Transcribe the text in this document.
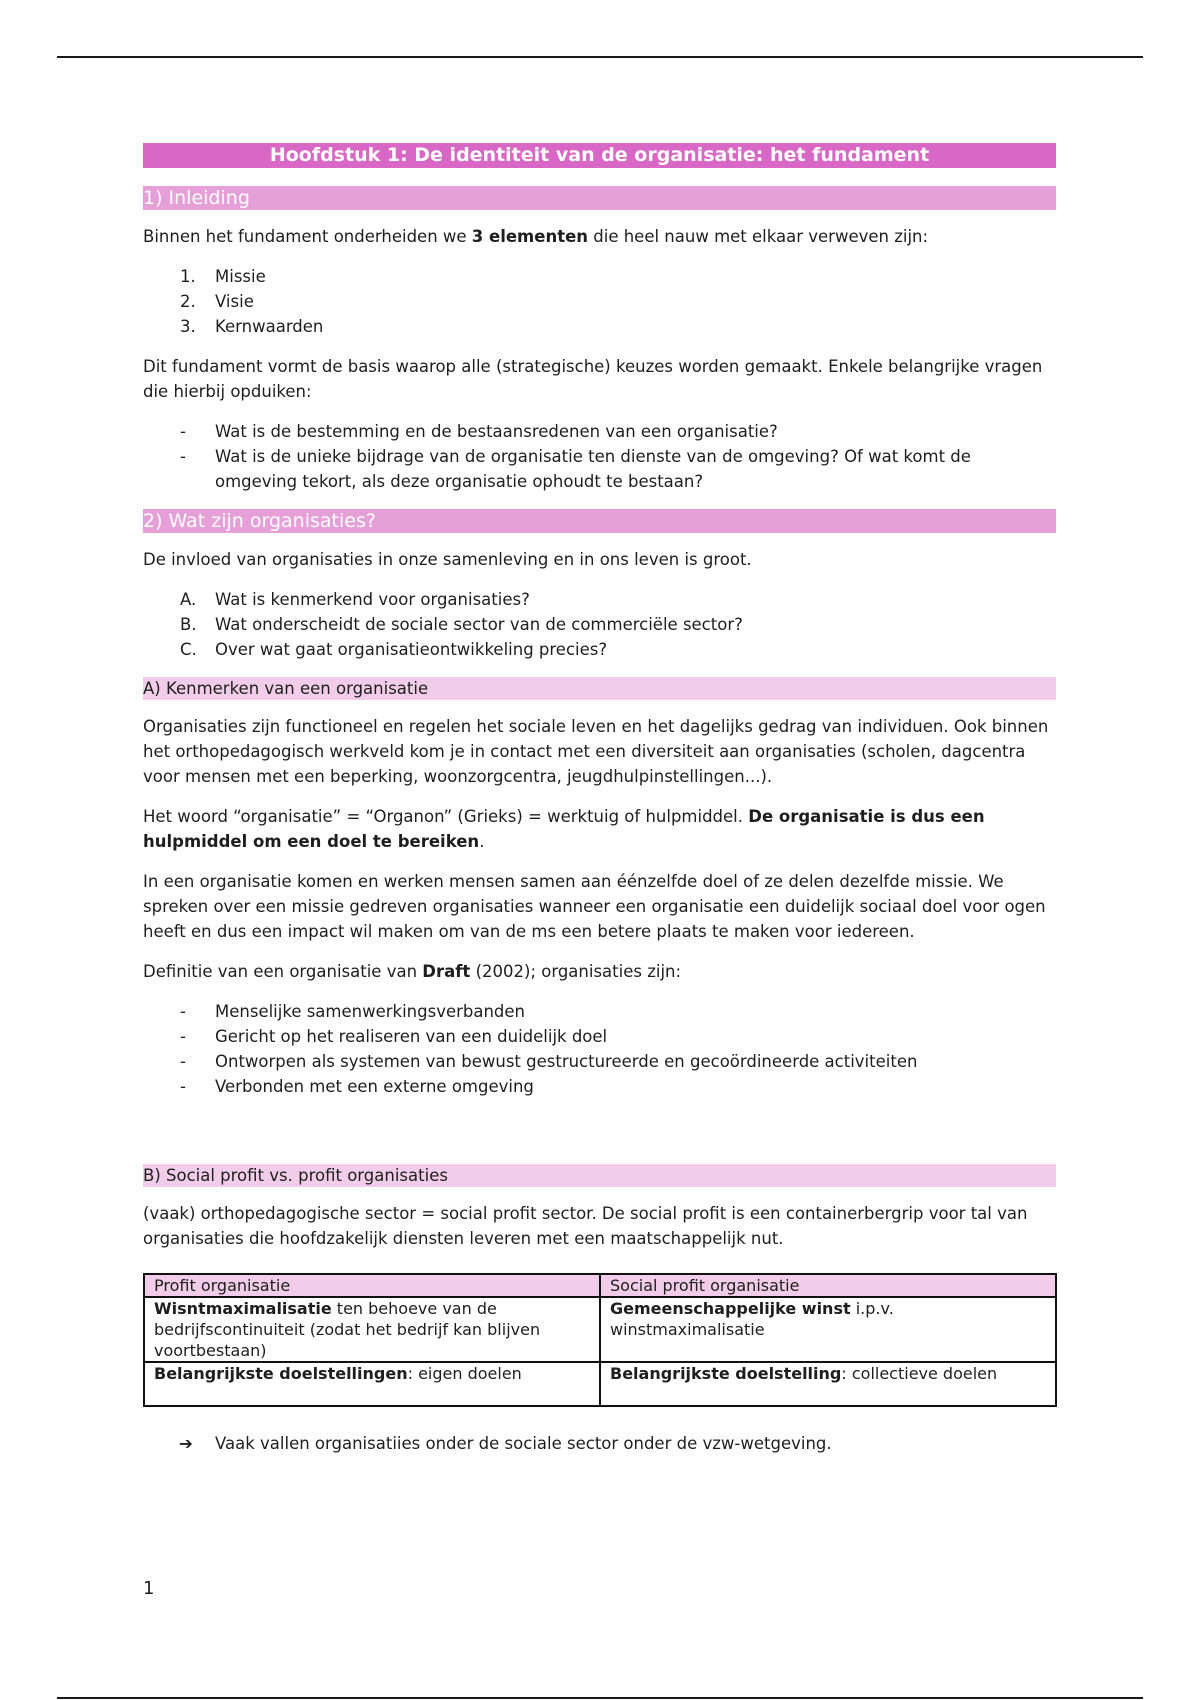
Hoofdstuk 1: De identiteit van de organisatie: het fundament
1) Inleiding

Binnen het fundament onderheiden we 3 elementen die heel nauw met elkaar verweven zijn:

1. Missie
2. Visie
3. Kernwaarden

Dit fundament vormt de basis waarop alle (strategische) keuzes worden gemaakt. Enkele belangrijke vragen die hierbij opduiken:

- Wat is de bestemming en de bestaansredenen van een organisatie?
- Wat is de unieke bijdrage van de organisatie ten dienste van de omgeving? Of wat komt de omgeving tekort, als deze organisatie ophoudt te bestaan?
2) Wat zijn organisaties?

De invloed van organisaties in onze samenleving en in ons leven is groot.

A. Wat is kenmerkend voor organisaties?
B. Wat onderscheidt de sociale sector van de commerciële sector?
C. Over wat gaat organisatieontwikkeling precies?
A) Kenmerken van een organisatie

Organisaties zijn functioneel en regelen het sociale leven en het dagelijks gedrag van individuen. Ook binnen het orthopedagogisch werkveld kom je in contact met een diversiteit aan organisaties (scholen, dagcentra voor mensen met een beperking, woonzorgcentra, jeugdhulpinstellingen...).

Het woord “organisatie” = “Organon” (Grieks) = werktuig of hulpmiddel. De organisatie is dus een hulpmiddel om een doel te bereiken.

In een organisatie komen en werken mensen samen aan éénzelfde doel of ze delen dezelfde missie. We spreken over een missie gedreven organisaties wanneer een organisatie een duidelijk sociaal doel voor ogen heeft en dus een impact wil maken om van de ms een betere plaats te maken voor iedereen.

Definitie van een organisatie van Draft (2002); organisaties zijn:

- Menselijke samenwerkingsverbanden
- Gericht op het realiseren van een duidelijk doel
- Ontworpen als systemen van bewust gestructureerde en gecoördineerde activiteiten
- Verbonden met een externe omgeving
B) Social profit vs. profit organisaties

(vaak) orthopedagogische sector = social profit sector. De social profit is een containerbergrip voor tal van organisaties die hoofdzakelijk diensten leveren met een maatschappelijk nut.

Profit organisatie	Social profit organisatie
Wisntmaximalisatie ten behoeve van de bedrijfscontinuiteit (zodat het bedrijf kan blijven voortbestaan)	Gemeenschappelijke winst i.p.v. winstmaximalisatie
Belangrijkste doelstellingen: eigen doelen	Belangrijkste doelstelling: collectieve doelen

➔ Vaak vallen organisatiies onder de sociale sector onder de vzw-wetgeving.

1
